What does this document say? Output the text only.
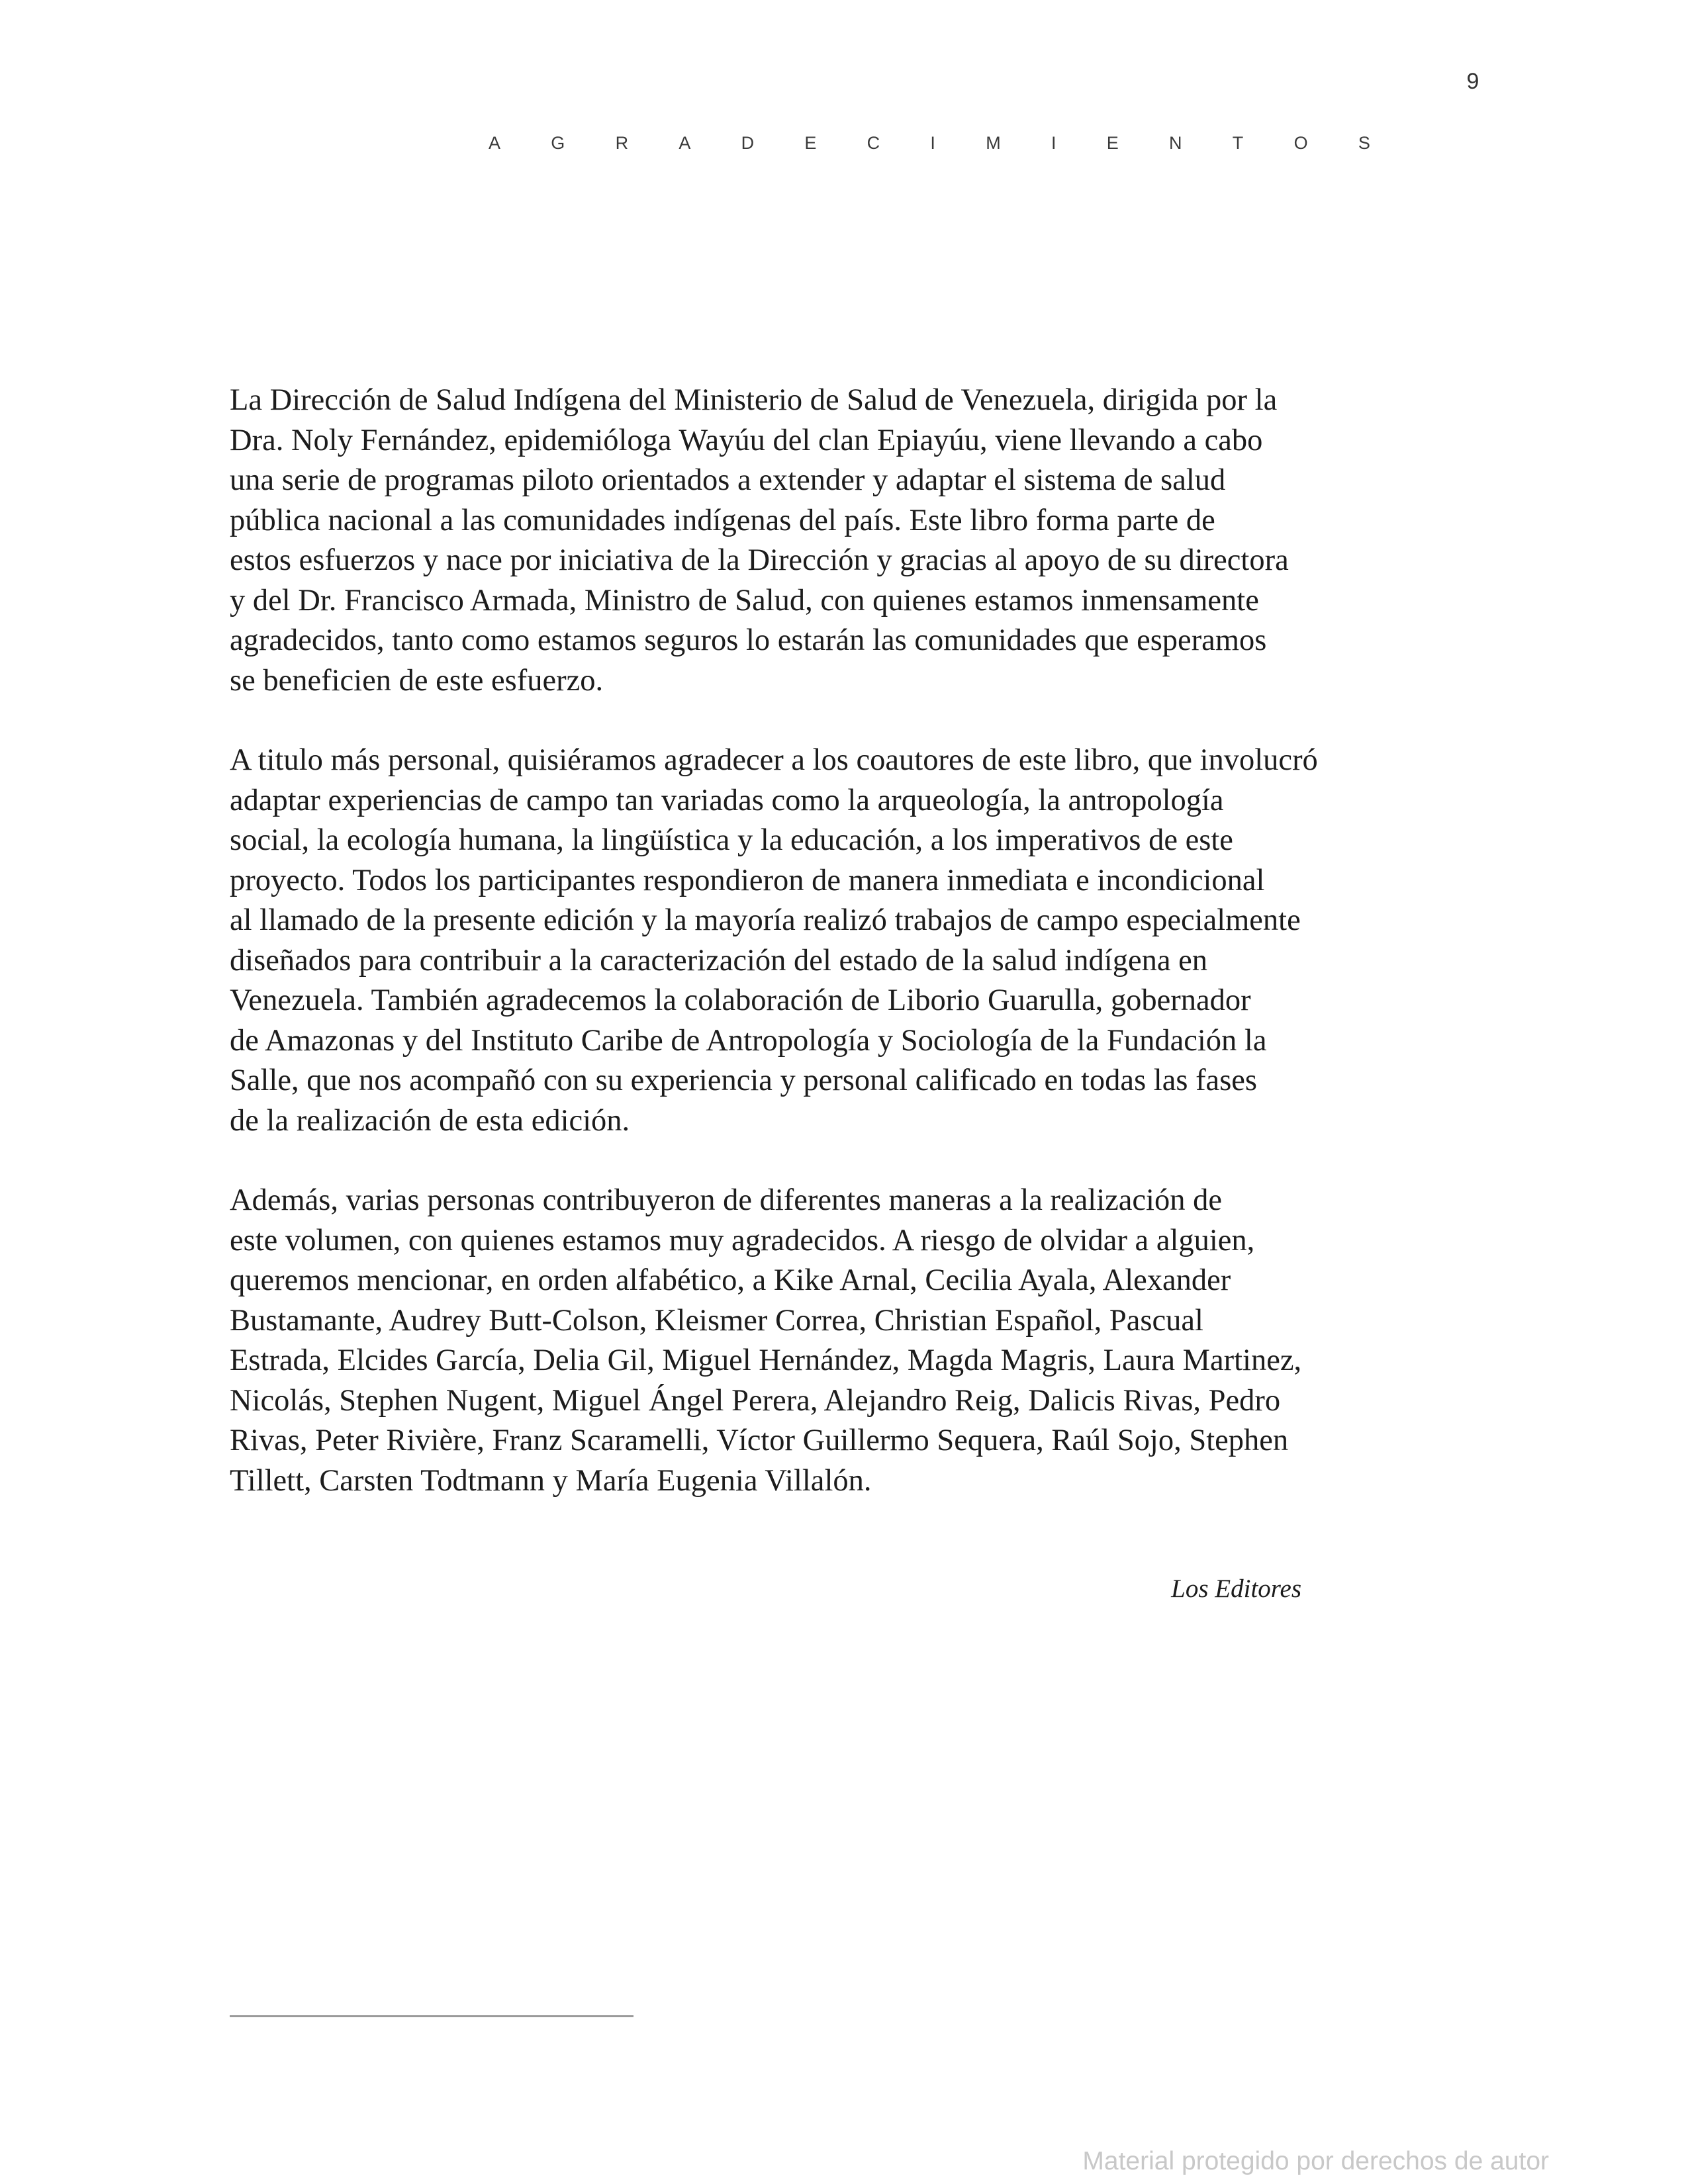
9
A	G	R	A	D	E	C	I	M	I	E	N	T	O	S

La Dirección de Salud Indígena del Ministerio de Salud de Venezuela, dirigida por la
Dra. Noly Fernández, epidemióloga Wayúu del clan Epiayúu, viene llevando a cabo
una serie de programas piloto orientados a extender y adaptar el sistema de salud
pública nacional a las comunidades indígenas del país. Este libro forma parte de
estos esfuerzos y nace por iniciativa de la Dirección y gracias al apoyo de su directora
y del Dr. Francisco Armada, Ministro de Salud, con quienes estamos inmensamente
agradecidos, tanto como estamos seguros lo estarán las comunidades que esperamos
se beneficien de este esfuerzo.

A titulo más personal, quisiéramos agradecer a los coautores de este libro, que involucró
adaptar experiencias de campo tan variadas como la arqueología, la antropología
social, la ecología humana, la lingüística y la educación, a los imperativos de este
proyecto. Todos los participantes respondieron de manera inmediata e incondicional
al llamado de la presente edición y la mayoría realizó trabajos de campo especialmente
diseñados para contribuir a la caracterización del estado de la salud indígena en
Venezuela. También agradecemos la colaboración de Liborio Guarulla, gobernador
de Amazonas y del Instituto Caribe de Antropología y Sociología de la Fundación la
Salle, que nos acompañó con su experiencia y personal calificado en todas las fases
de la realización de esta edición.

Además, varias personas contribuyeron de diferentes maneras a la realización de
este volumen, con quienes estamos muy agradecidos. A riesgo de olvidar a alguien,
queremos mencionar, en orden alfabético, a Kike Arnal, Cecilia Ayala, Alexander
Bustamante, Audrey Butt-Colson, Kleismer Correa, Christian Español, Pascual
Estrada, Elcides García, Delia Gil, Miguel Hernández, Magda Magris, Laura Martinez,
Nicolás, Stephen Nugent, Miguel Ángel Perera, Alejandro Reig, Dalicis Rivas, Pedro
Rivas, Peter Rivière, Franz Scaramelli, Víctor Guillermo Sequera, Raúl Sojo, Stephen
Tillett, Carsten Todtmann y María Eugenia Villalón.

Los Editores
Material protegido por derechos de autor
